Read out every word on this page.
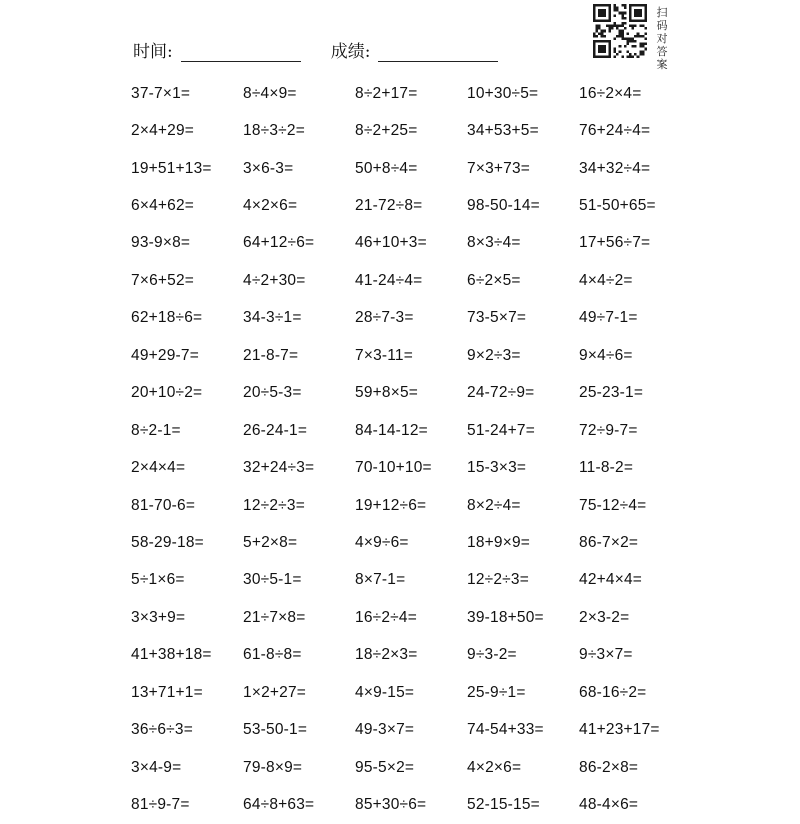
时间:	成绩:
扫
码
对
答
案
37-7×1=	8÷4×9=	8÷2+17=	10+30÷5=	16÷2×4=
2×4+29=	18÷3÷2=	8÷2+25=	34+53+5=	76+24÷4=
19+51+13=	3×6-3=	50+8÷4=	7×3+73=	34+32÷4=
6×4+62=	4×2×6=	21-72÷8=	98-50-14=	51-50+65=
93-9×8=	64+12÷6=	46+10+3=	8×3÷4=	17+56÷7=
7×6+52=	4÷2+30=	41-24÷4=	6÷2×5=	4×4÷2=
62+18÷6=	34-3÷1=	28÷7-3=	73-5×7=	49÷7-1=
49+29-7=	21-8-7=	7×3-11=	9×2÷3=	9×4÷6=
20+10÷2=	20÷5-3=	59+8×5=	24-72÷9=	25-23-1=
8÷2-1=	26-24-1=	84-14-12=	51-24+7=	72÷9-7=
2×4×4=	32+24÷3=	70-10+10=	15-3×3=	11-8-2=
81-70-6=	12÷2÷3=	19+12÷6=	8×2÷4=	75-12÷4=
58-29-18=	5+2×8=	4×9÷6=	18+9×9=	86-7×2=
5÷1×6=	30÷5-1=	8×7-1=	12÷2÷3=	42+4×4=
3×3+9=	21÷7×8=	16÷2÷4=	39-18+50=	2×3-2=
41+38+18=	61-8÷8=	18÷2×3=	9÷3-2=	9÷3×7=
13+71+1=	1×2+27=	4×9-15=	25-9÷1=	68-16÷2=
36÷6÷3=	53-50-1=	49-3×7=	74-54+33=	41+23+17=
3×4-9=	79-8×9=	95-5×2=	4×2×6=	86-2×8=
81÷9-7=	64÷8+63=	85+30÷6=	52-15-15=	48-4×6=
